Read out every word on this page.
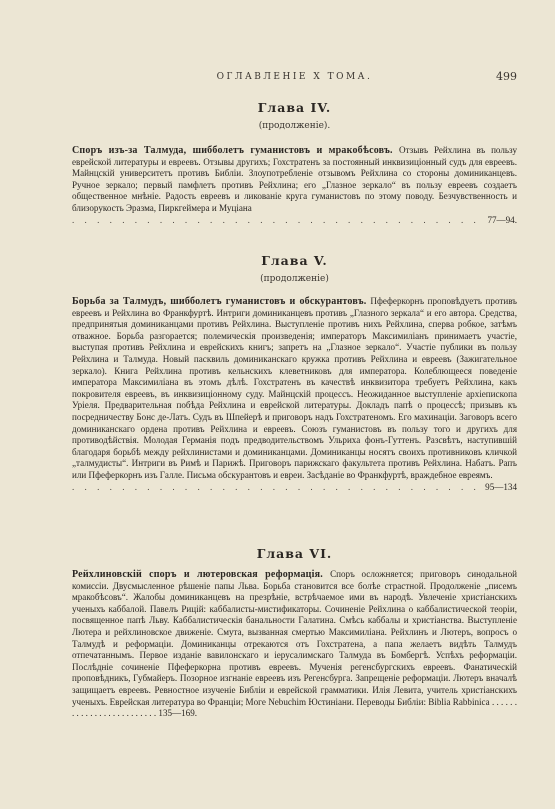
ОГЛАВЛЕНІЕ X ТОМА.	499
Глава IV.
(продолженіе).
Споръ изъ-за Талмуда, шибболетъ гуманистовъ и мракобѣсовъ. Отзывъ Рейхлина въ пользу еврейской литературы и евреевъ. Отзывы другихъ; Гохстратенъ за постоянный инквизиціонный судъ для евреевъ. Майнцскій университетъ противъ Библіи. Злоупотребленіе отзывомъ Рейхлина со стороны доминиканцевъ. Ручное зеркало; первый памфлетъ противъ Рейхлина; его „Глазное зеркало“ въ пользу евреевъ создаетъ общественное мнѣніе. Радость евреевъ и ликованіе круга гуманистовъ по этому поводу. Безчувственность и близорукость Эразма, Пиркгеймера и Муціана
. . .
77—94.
Глава V.
(продолженіе)
Борьба за Талмудъ, шибболетъ гуманистовъ и обскурантовъ. Пфеферкорнъ проповѣдуетъ противъ евреевъ и Рейхлина во Франкфуртѣ. Интриги доминиканцевъ противъ „Глазного зеркала“ и его автора. Средства, предпринятыя доминиканцами противъ Рейхлина. Выступленіе противъ нихъ Рейхлина, сперва робкое, затѣмъ отважное. Борьба разгорается; полемическія произведенія; императоръ Максимиліанъ принимаетъ участіе, выступая противъ Рейхлина и еврейскихъ книгъ; запретъ на „Глазное зеркало“. Участіе публики въ пользу Рейхлина и Талмуда. Новый пасквиль доминиканскаго кружка противъ Рейхлина и евреевъ (Зажигательное зеркало). Книга Рейхлина противъ кельнскихъ клеветниковъ для императора. Колеблющееся поведеніе императора Максимиліана въ этомъ дѣлѣ. Гохстратенъ въ качествѣ инквизитора требуетъ Рейхлина, какъ покровителя евреевъ, въ инквизиціонному суду. Майнцскій процессъ. Неожиданное выступленіе архіепископа Уріеля. Предварительная побѣда Рейхлина и еврейской литературы. Докладъ папѣ о процессѣ; призывъ къ посредничеству Бонс де-Латъ. Судъ въ Шпейерѣ и приговоръ надъ Гохстратеномъ. Его махинаціи. Заговоръ всего доминиканскаго ордена противъ Рейхлина и евреевъ. Союзъ гуманистовъ въ пользу того и другихъ для противодѣйствія. Молодая Германія подъ предводительствомъ Ульриха фонъ-Гуттенъ. Разсвѣтъ, наступившій благодаря борьбѣ между рейхлинистами и доминиканцами. Доминиканцы носятъ своихъ противниковъ кличкой „талмудисты“. Интриги въ Римѣ и Парижѣ. Приговоръ парижскаго факультета противъ Рейхлина. Набатъ. Рапъ или Пфеферкорнъ изъ Галле. Письма обскурантовъ и евреи. Засѣданіе во Франкфуртѣ, враждебное евреямъ.
. . .
95—134
Глава VI.
Рейхлиновскій споръ и лютеровская реформація. Споръ осложняется; приговоръ синодальной комиссіи. Двусмысленное рѣшеніе папы Льва. Борьба становится все болѣе страстной. Продолженіе „писемъ мракобѣсовъ“. Жалобы доминиканцевъ на презрѣніе, встрѣчаемое ими въ народѣ. Увлеченіе христіанскихъ ученыхъ каббалой. Павелъ Рицій: каббалисты-мистификаторы. Сочиненіе Рейхлина о каббалистической теоріи, посвященное папѣ Льву. Каббалистическія банальности Галатина. Смѣсь каббалы и христіанства. Выступленіе Лютера и рейхлиновское движеніе. Смута, вызванная смертью Максимиліана. Рейхлинъ и Лютеръ, вопросъ о Талмудѣ и реформаціи. Доминиканцы отрекаются отъ Гохстратена, а папа желаетъ видѣть Талмудъ отпечатаннымъ. Первое изданіе вавилонскаго и іерусалимскаго Талмуда въ Бомбергѣ. Успѣхъ реформаціи. Послѣдніе сочиненіе Пфеферкорна противъ евреевъ. Мученія регенсбургскихъ евреевъ. Фанатическій проповѣдникъ, Губмайеръ. Позорное изгнаніе евреевъ изъ Регенсбурга. Запрещеніе реформаціи. Лютеръ вначалѣ защищаетъ евреевъ. Ревностное изученіе Библіи и еврейской грамматики. Илія Левита, учитель христіанскихъ ученыхъ. Еврейская литература во Франціи; Мoгe Nebuchim Юстиніани. Переводы Библіи: Biblia Rabbinica . . . . . . . . . . . . . . . . . . . . . . . . . 135—169.
